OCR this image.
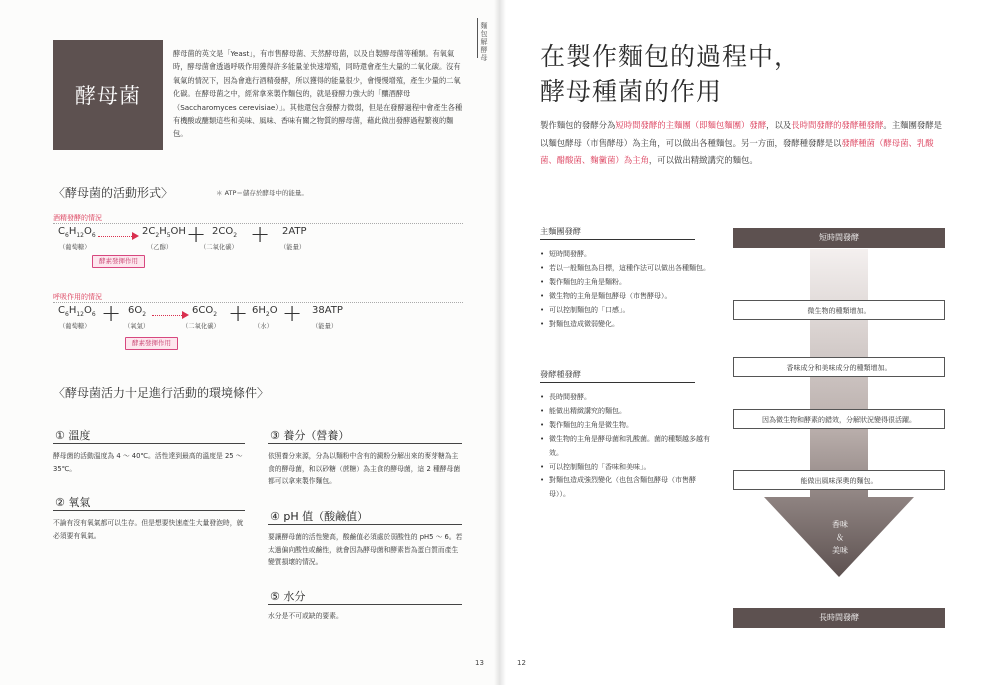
麵包解酵母
酵母菌
酵母菌的英文是「Yeast」，有市售酵母菌、天然酵母菌，以及自製酵母菌等種類。有氧氣時，酵母菌會透過呼吸作用獲得許多能量並快速增殖，同時還會產生大量的二氧化碳。沒有氧氣的情況下，因為會進行酒精發酵，所以獲得的能量很少，會慢慢增殖，產生少量的二氧化碳。在酵母菌之中，經常拿來製作麵包的，就是發酵力強大的「釀酒酵母（Saccharomyces cerevisiae）」。其他還包含發酵力微弱，但是在發酵過程中會產生各種有機酸或醣類這些和美味、風味、香味有關之物質的酵母菌，藉此做出發酵過程繁複的麵包。
〈酵母菌的活動形式〉	＊ ATP＝儲存於酵母中的能量。
酒精發酵的情況
$C_6H_{12}O_6$
（葡萄糖）
酵素發揮作用
$2C_2H_5OH$
（乙醇） + $2CO_2$
（二氧化碳） + 2ATP
（能量）
呼吸作用的情況
$C_6H_{12}O_6$
（葡萄糖） + $6O_2$
（氧氣）
酵素發揮作用
$6CO_2$
（二氧化碳） + $6H_2O$
（水） + 38ATP
（能量）
〈酵母菌活力十足進行活動的環境條件〉
① 溫度
酵母菌的活動溫度為 4 ～ 40℃。活性達到最高的溫度是 25 ～ 35℃。
② 氧氣
不論有沒有氧氣都可以生存。但是想要快速產生大量發泡時，就必須要有氧氣。
③ 養分（營養）
依照養分來源，分為以麵粉中含有的澱粉分解出來的麥芽糖為主食的酵母菌，和以砂糖（蔗糖）為主食的酵母菌，這 2 種酵母菌都可以拿來製作麵包。
④ pH 值（酸鹼值）
要讓酵母菌的活性變高，酸鹼值必須處於弱酸性的 pH5 ～ 6。若太過偏向酸性或鹼性，就會因為酵母菌和酵素皆為蛋白質而產生變質損壞的情況。
⑤ 水分
水分是不可或缺的要素。
13
在製作麵包的過程中，
酵母種菌的作用
製作麵包的發酵分為短時間發酵的主麵團（即麵包麵團）發酵，以及長時間發酵的發酵種發酵。主麵團發酵是以麵包酵母（市售酵母）為主角，可以做出各種麵包。另一方面，發酵種發酵是以發酵種菌（酵母菌、乳酸菌、醋酸菌、麴黴菌）為主角，可以做出精緻講究的麵包。
主麵團發酵
• 短時間發酵。
• 若以一般麵包為目標，這種作法可以做出各種麵包。
• 製作麵包的主角是麵粉。
• 微生物的主角是麵包酵母（市售酵母）。
• 可以控制麵包的「口感」。
• 對麵包造成微弱變化。
發酵種發酵
• 長時間發酵。
• 能做出精緻講究的麵包。
• 製作麵包的主角是微生物。
• 微生物的主角是酵母菌和乳酸菌。菌的種類越多越有效。
• 可以控制麵包的「香味和美味」。
• 對麵包造成強烈變化（也包含麵包酵母（市售酵母））。
短時間發酵
微生物的種類增加。
香味成分和美味成分的種類增加。
因為微生物和酵素的錯效，分解狀況變得很活躍。
能做出風味深奧的麵包。
香味
＆
美味
長時間發酵
12
